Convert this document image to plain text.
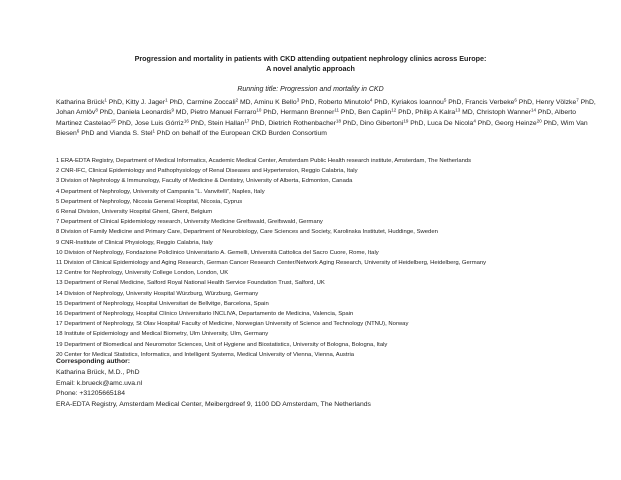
Progression and mortality in patients with CKD attending outpatient nephrology clinics across Europe:
A novel analytic approach
Running title: Progression and mortality in CKD
Katharina Brück$^1$ PhD, Kitty J. Jager$^1$ PhD, Carmine Zoccali$^2$ MD, Aminu K Bello$^3$ PhD, Roberto Minutolo$^4$ PhD, Kyriakos Ioannou$^5$ PhD, Francis Verbeke$^6$ PhD, Henry Völzke$^7$ PhD, Johan Arnlöv$^8$ PhD, Daniela Leonardis$^9$ MD, Pietro Manuel Ferraro$^{10}$ PhD, Hermann Brenner$^{11}$ PhD, Ben Caplin$^{12}$ PhD, Philip A Kalra$^{13}$ MD, Christoph Wanner$^{14}$ PhD, Alberto Martinez Castelao$^{15}$ PhD, Jose Luis Górriz$^{16}$ PhD, Stein Hallan$^{17}$ PhD, Dietrich Rothenbacher$^{18}$ PhD, Dino Gibertoni$^{19}$ PhD, Luca De Nicola$^4$ PhD, Georg Heinze$^{20}$ PhD, Wim Van Biesen$^6$ PhD and Vianda S. Stel$^1$ PhD on behalf of the European CKD Burden Consortium
1 ERA-EDTA Registry, Department of Medical Informatics, Academic Medical Center, Amsterdam Public Health research institute, Amsterdam, The Netherlands
2 CNR-IFC, Clinical Epidemiology and Pathophysiology of Renal Diseases and Hypertension, Reggio Calabria, Italy
3 Division of Nephrology & Immunology, Faculty of Medicine & Dentistry, University of Alberta, Edmonton, Canada
4 Department of Nephrology, University of Campania “L. Vanvitelli”, Naples, Italy
5 Department of Nephrology, Nicosia General Hospital, Nicosia, Cyprus
6 Renal Division, University Hospital Ghent, Ghent, Belgium
7 Department of Clinical Epidemiology research, University Medicine Greifswald, Greifswald, Germany
8 Division of Family Medicine and Primary Care, Department of Neurobiology, Care Sciences and Society, Karolinska Institutet, Huddinge, Sweden
9 CNR-Institute of Clinical Physiology, Reggio Calabria, Italy
10 Division of Nephrology, Fondazione Policlinico Universitario A. Gemelli, Università Cattolica del Sacro Cuore, Rome, Italy
11 Division of Clinical Epidemiology and Aging Research, German Cancer Research Center/Network Aging Research, University of Heidelberg, Heidelberg, Germany
12 Centre for Nephrology, University College London, London, UK
13 Department of Renal Medicine, Salford Royal National Health Service Foundation Trust, Salford, UK
14 Division of Nephrology, University Hospital Würzburg, Würzburg, Germany
15 Department of Nephrology, Hospital Universitari de Bellvitge, Barcelona, Spain
16 Department of Nephrology, Hospital Clínico Universitario INCLIVA, Departamento de Medicina, Valencia, Spain
17 Department of Nephrology, St Olav Hospital/ Faculty of Medicine, Norwegian University of Science and Technology (NTNU), Norway
18 Institute of Epidemiology and Medical Biometry, Ulm University, Ulm, Germany
19 Department of Biomedical and Neuromotor Sciences, Unit of Hygiene and Biostatistics, University of Bologna, Bologna, Italy
20 Center for Medical Statistics, Informatics, and Intelligent Systems, Medical University of Vienna, Vienna, Austria
Corresponding author:
Katharina Brück, M.D., PhD
Email: k.brueck@amc.uva.nl
Phone: +31205665184
ERA-EDTA Registry, Amsterdam Medical Center, Meibergdreef 9, 1100 DD Amsterdam, The Netherlands
